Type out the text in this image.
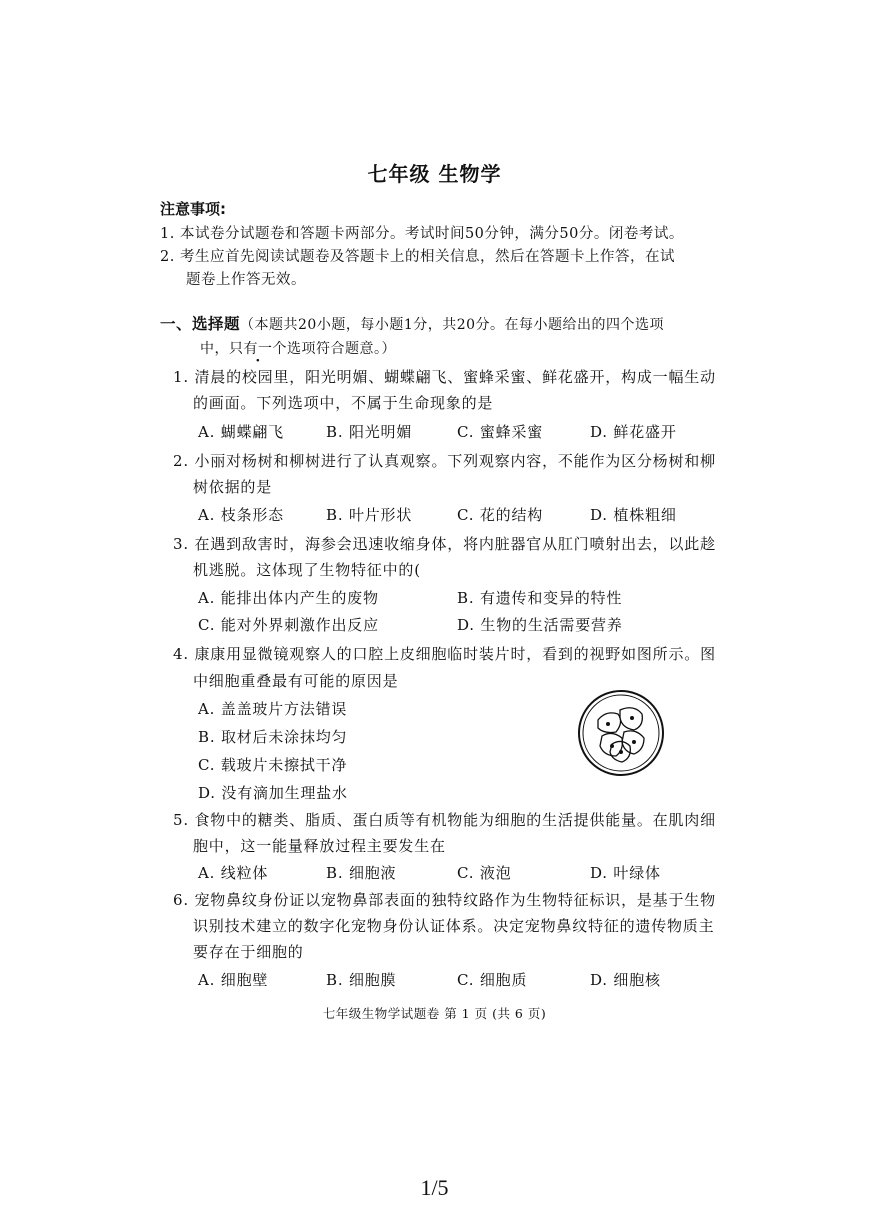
七年级 生物学
注意事项:
1. 本试卷分试题卷和答题卡两部分。考试时间50分钟，满分50分。闭卷考试。
2. 考生应首先阅读试题卷及答题卡上的相关信息，然后在答题卡上作答，在试
题卷上作答无效。
一、选择题（本题共20小题，每小题1分，共20分。在每小题给出的四个选项
中，只有一个选项符合题意。）
1. 清晨的校园里，阳光明媚、蝴蝶翩飞、蜜蜂采蜜、鲜花盛开，构成一幅生动
的画面。下列选项中，不属于生命现象的是
A. 蝴蝶翩飞	B. 阳光明媚	C. 蜜蜂采蜜	D. 鲜花盛开
2. 小丽对杨树和柳树进行了认真观察。下列观察内容，不能作为区分杨树和柳
树依据的是
A. 枝条形态	B. 叶片形状	C. 花的结构	D. 植株粗细
3. 在遇到敌害时，海参会迅速收缩身体，将内脏器官从肛门喷射出去，以此趁
机逃脱。这体现了生物特征中的(
A. 能排出体内产生的废物	B. 有遗传和变异的特性
C. 能对外界刺激作出反应	D. 生物的生活需要营养
4. 康康用显微镜观察人的口腔上皮细胞临时装片时，看到的视野如图所示。图
中细胞重叠最有可能的原因是
A. 盖盖玻片方法错误
B. 取材后未涂抹均匀
C. 载玻片未擦拭干净
D. 没有滴加生理盐水
5. 食物中的糖类、脂质、蛋白质等有机物能为细胞的生活提供能量。在肌肉细
胞中，这一能量释放过程主要发生在
A. 线粒体	B. 细胞液	C. 液泡	D. 叶绿体
6. 宠物鼻纹身份证以宠物鼻部表面的独特纹路作为生物特征标识，是基于生物
识别技术建立的数字化宠物身份认证体系。决定宠物鼻纹特征的遗传物质主
要存在于细胞的
A. 细胞壁	B. 细胞膜	C. 细胞质	D. 细胞核
七年级生物学试题卷 第 1 页 (共 6 页)
1/5
